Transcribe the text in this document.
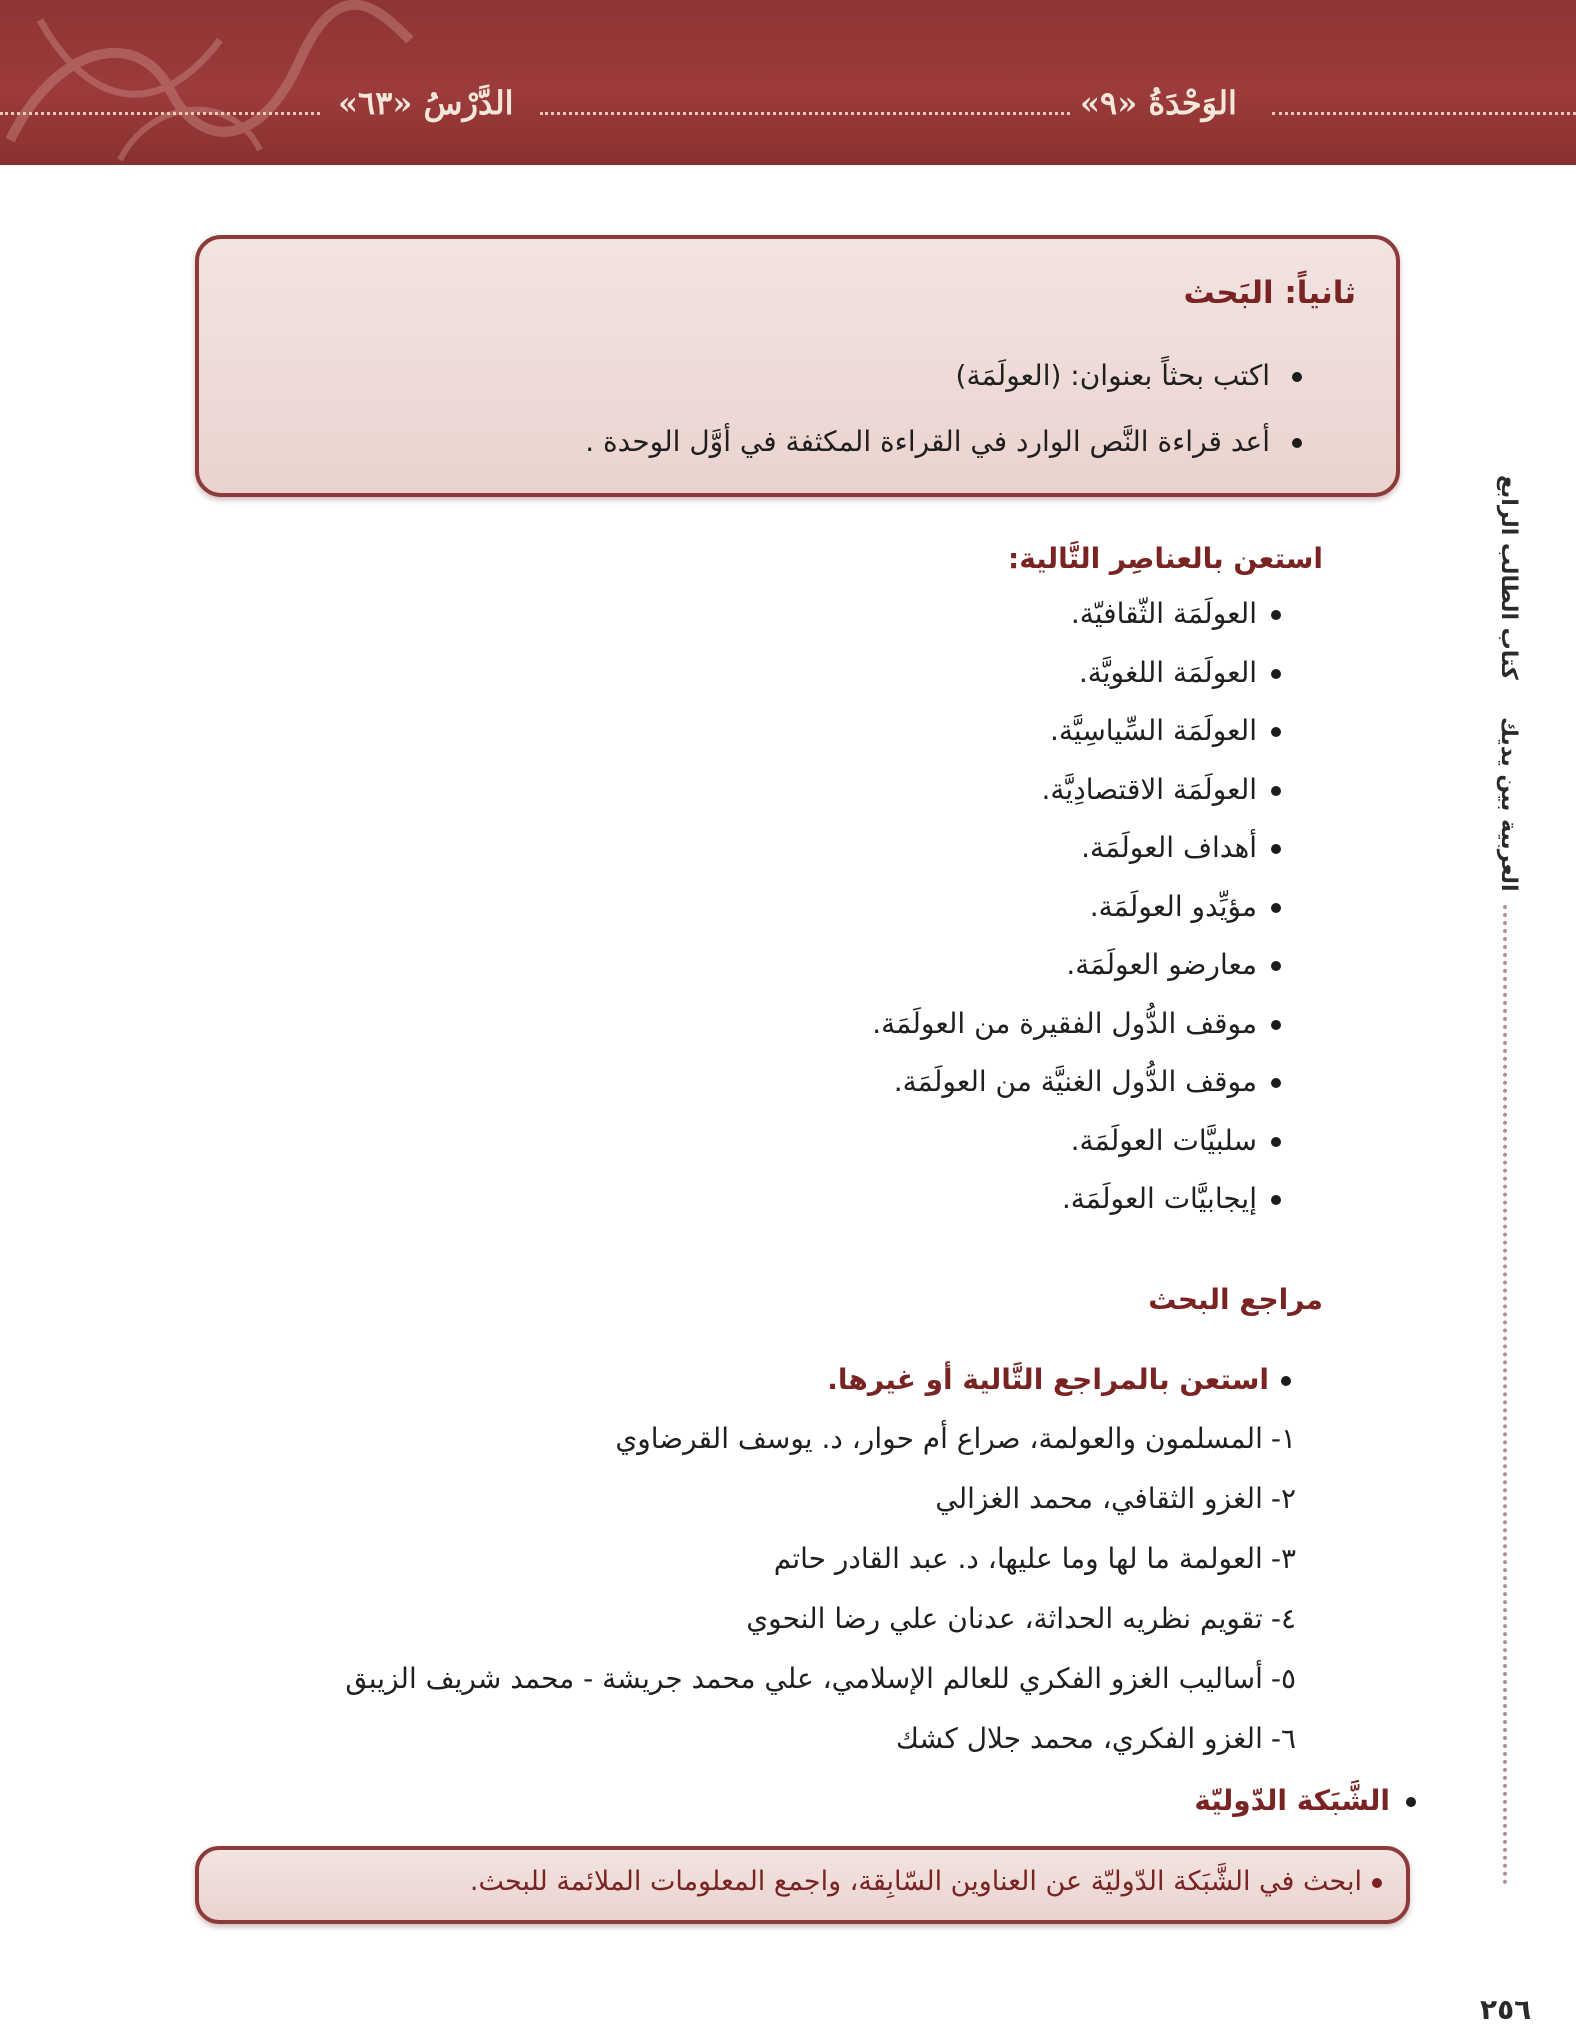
الدَّرْسُ «٦٣»	الوَحْدَةُ «٩»
العربية بين يديك
كتاب الطالب الرابع
ثانياً: البَحث
اكتب بحثاً بعنوان: (العولَمَة)
أعد قراءة النَّص الوارد في القراءة المكثفة في أوَّل الوحدة .
استعن بالعناصِر التَّالية:
العولَمَة الثّقافيّة.
العولَمَة اللغويَّة.
العولَمَة السِّياسِيَّة.
العولَمَة الاقتصادِيَّة.
أهداف العولَمَة.
مؤيِّدو العولَمَة.
معارضو العولَمَة.
موقف الدُّول الفقيرة من العولَمَة.
موقف الدُّول الغنيَّة من العولَمَة.
سلبيَّات العولَمَة.
إيجابيَّات العولَمَة.
مراجع البحث
استعن بالمراجع التَّالية أو غيرها.
١-المسلمون والعولمة، صراع أم حوار، د. يوسف القرضاوي
٢-الغزو الثقافي، محمد الغزالي
٣-العولمة ما لها وما عليها، د. عبد القادر حاتم
٤-تقويم نظريه الحداثة، عدنان علي رضا النحوي
٥-أساليب الغزو الفكري للعالم الإسلامي، علي محمد جريشة - محمد شريف الزيبق
٦-الغزو الفكري، محمد جلال كشك
الشَّبَكة الدّوليّة
ابحث في الشَّبَكة الدّوليّة عن العناوين السّابِقة، واجمع المعلومات الملائمة للبحث.
٢٥٦
